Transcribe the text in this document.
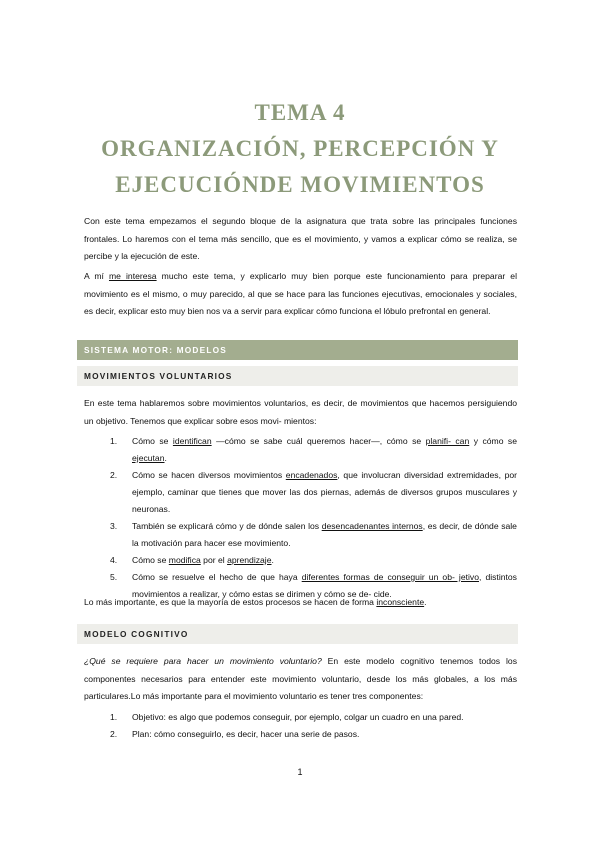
TEMA 4
ORGANIZACIÓN, PERCEPCIÓN Y
EJECUCIÓNDE MOVIMIENTOS

Con este tema empezamos el segundo bloque de la asignatura que trata sobre las principales funciones frontales. Lo haremos con el tema más sencillo, que es el movimiento, y vamos a explicar cómo se realiza, se percibe y la ejecución de este.

A mí me interesa mucho este tema, y explicarlo muy bien porque este funcionamiento para preparar el movimiento es el mismo, o muy parecido, al que se hace para las funciones ejecutivas, emocionales y sociales, es decir, explicar esto muy bien nos va a servir para explicar cómo funciona el lóbulo prefrontal en general.

SISTEMA MOTOR: MODELOS
MOVIMIENTOS VOLUNTARIOS

En este tema hablaremos sobre movimientos voluntarios, es decir, de movimientos que hacemos persiguiendo un objetivo. Tenemos que explicar sobre esos movi- mientos:

1. Cómo se identifican —cómo se sabe cuál queremos hacer—, cómo se planifi- can y cómo se ejecutan.
2. Cómo se hacen diversos movimientos encadenados, que involucran diversidad extremidades, por ejemplo, caminar que tienes que mover las dos piernas, además de diversos grupos musculares y neuronas.
3. También se explicará cómo y de dónde salen los desencadenantes internos, es decir, de dónde sale la motivación para hacer ese movimiento.
4. Cómo se modifica por el aprendizaje.
5. Cómo se resuelve el hecho de que haya diferentes formas de conseguir un ob- jetivo, distintos movimientos a realizar, y cómo estas se dirimen y cómo se de- cide.

Lo más importante, es que la mayoría de estos procesos se hacen de forma inconsciente.

MODELO COGNITIVO

¿Qué se requiere para hacer un movimiento voluntario? En este modelo cognitivo tenemos todos los componentes necesarios para entender este movimiento voluntario, desde los más globales, a los más particulares.Lo más importante para el movimiento voluntario es tener tres componentes:

1. Objetivo: es algo que podemos conseguir, por ejemplo, colgar un cuadro en una pared.
2. Plan: cómo conseguirlo, es decir, hacer una serie de pasos.
1
